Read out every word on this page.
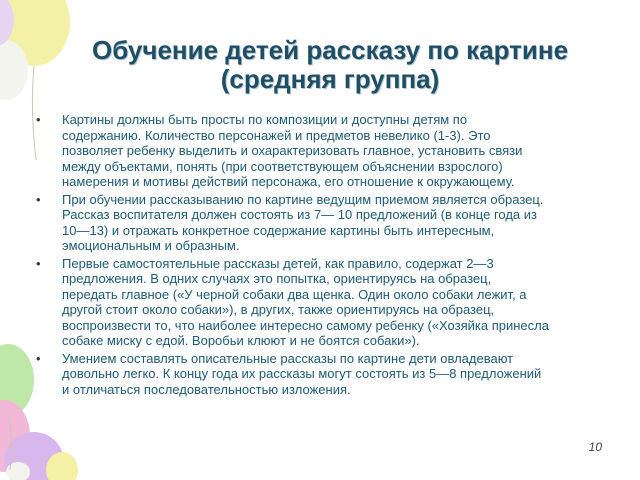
Обучение детей рассказу по картине
(средняя группа)
• Картины должны быть просты по композиции и доступны детям по
содержанию. Количество персонажей и предметов невелико (1-3). Это
позволяет ребенку выделить и охарактеризовать главное, установить связи
между объектами, понять (при соответствующем объяснении взрослого)
намерения и мотивы действий персонажа, его отношение к окружающему.
• При обучении рассказыванию по картине ведущим приемом является образец.
Рассказ воспитателя должен состоять из 7— 10 предложений (в конце года из
10—13) и отражать конкретное содержание картины быть интересным,
эмоциональным и образным.
• Первые самостоятельные рассказы детей, как правило, содержат 2—3
предложения. В одних случаях это попытка, ориентируясь на образец,
передать главное («У черной собаки два щенка. Один около собаки лежит, а
другой стоит около собаки»), в других, также ориентируясь на образец,
воспроизвести то, что наиболее интересно самому ребенку («Хозяйка принесла
собаке миску с едой. Воробьи клюют и не боятся собаки»).
• Умением составлять описательные рассказы по картине дети овладевают
довольно легко. К концу года их рассказы могут состоять из 5—8 предложений
и отличаться последовательностью изложения.
10
